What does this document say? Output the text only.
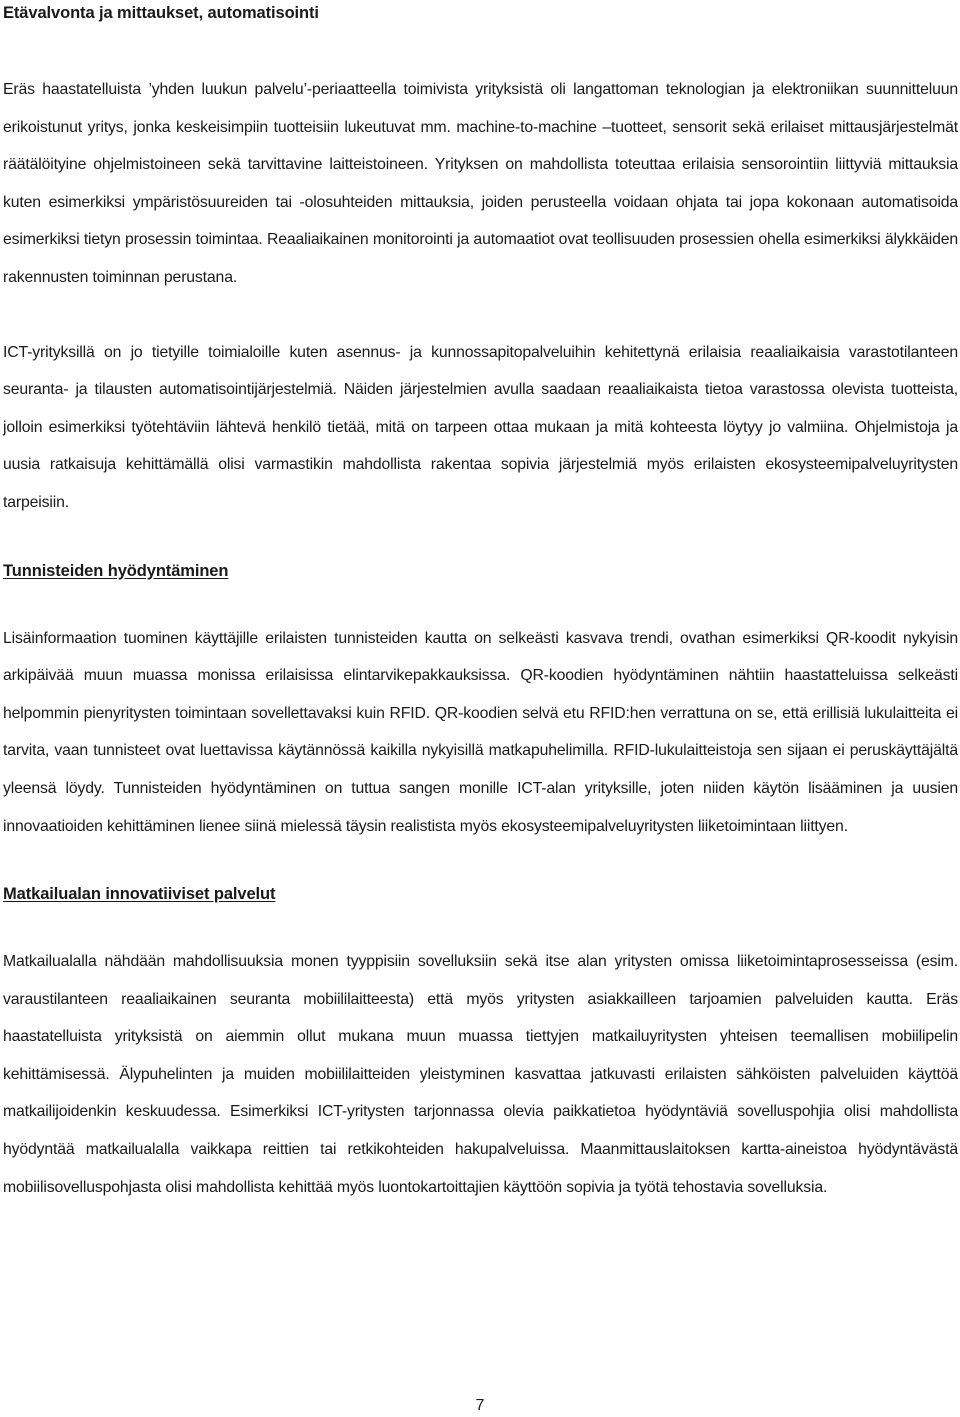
Etävalvonta ja mittaukset, automatisointi

Eräs haastatelluista ’yhden luukun palvelu’-periaatteella toimivista yrityksistä oli langattoman teknologian ja elektroniikan suunnitteluun erikoistunut yritys, jonka keskeisimpiin tuotteisiin lukeutuvat mm. machine-to-machine –tuotteet, sensorit sekä erilaiset mittausjärjestelmät räätälöityine ohjelmistoineen sekä tarvittavine laitteistoineen. Yrityksen on mahdollista toteuttaa erilaisia sensorointiin liittyviä mittauksia kuten esimerkiksi ympäristösuureiden tai -olosuhteiden mittauksia, joiden perusteella voidaan ohjata tai jopa kokonaan automatisoida esimerkiksi tietyn prosessin toimintaa. Reaaliaikainen monitorointi ja automaatiot ovat teollisuuden prosessien ohella esimerkiksi älykkäiden rakennusten toiminnan perustana.

ICT-yrityksillä on jo tietyille toimialoille kuten asennus- ja kunnossapitopalveluihin kehitettynä erilaisia reaaliaikaisia varastotilanteen seuranta- ja tilausten automatisointijärjestelmiä. Näiden järjestelmien avulla saadaan reaaliaikaista tietoa varastossa olevista tuotteista, jolloin esimerkiksi työtehtäviin lähtevä henkilö tietää, mitä on tarpeen ottaa mukaan ja mitä kohteesta löytyy jo valmiina. Ohjelmistoja ja uusia ratkaisuja kehittämällä olisi varmastikin mahdollista rakentaa sopivia järjestelmiä myös erilaisten ekosysteemipalveluyritysten tarpeisiin.

Tunnisteiden hyödyntäminen

Lisäinformaation tuominen käyttäjille erilaisten tunnisteiden kautta on selkeästi kasvava trendi, ovathan esimerkiksi QR-koodit nykyisin arkipäivää muun muassa monissa erilaisissa elintarvikepakkauksissa. QR-koodien hyödyntäminen nähtiin haastatteluissa selkeästi helpommin pienyritysten toimintaan sovellettavaksi kuin RFID. QR-koodien selvä etu RFID:hen verrattuna on se, että erillisiä lukulaitteita ei tarvita, vaan tunnisteet ovat luettavissa käytännössä kaikilla nykyisillä matkapuhelimilla. RFID-lukulaitteistoja sen sijaan ei peruskäyttäjältä yleensä löydy. Tunnisteiden hyödyntäminen on tuttua sangen monille ICT-alan yrityksille, joten niiden käytön lisääminen ja uusien innovaatioiden kehittäminen lienee siinä mielessä täysin realistista myös ekosysteemipalveluyritysten liiketoimintaan liittyen.

Matkailualan innovatiiviset palvelut

Matkailualalla nähdään mahdollisuuksia monen tyyppisiin sovelluksiin sekä itse alan yritysten omissa liiketoimintaprosesseissa (esim. varaustilanteen reaaliaikainen seuranta mobiililaitteesta) että myös yritysten asiakkailleen tarjoamien palveluiden kautta. Eräs haastatelluista yrityksistä on aiemmin ollut mukana muun muassa tiettyjen matkailuyritysten yhteisen teemallisen mobiilipelin kehittämisessä. Älypuhelinten ja muiden mobiililaitteiden yleistyminen kasvattaa jatkuvasti erilaisten sähköisten palveluiden käyttöä matkailijoidenkin keskuudessa. Esimerkiksi ICT-yritysten tarjonnassa olevia paikkatietoa hyödyntäviä sovelluspohjia olisi mahdollista hyödyntää matkailualalla vaikkapa reittien tai retkikohteiden hakupalveluissa. Maanmittauslaitoksen kartta-aineistoa hyödyntävästä mobiilisovelluspohjasta olisi mahdollista kehittää myös luontokartoittajien käyttöön sopivia ja työtä tehostavia sovelluksia.

7
